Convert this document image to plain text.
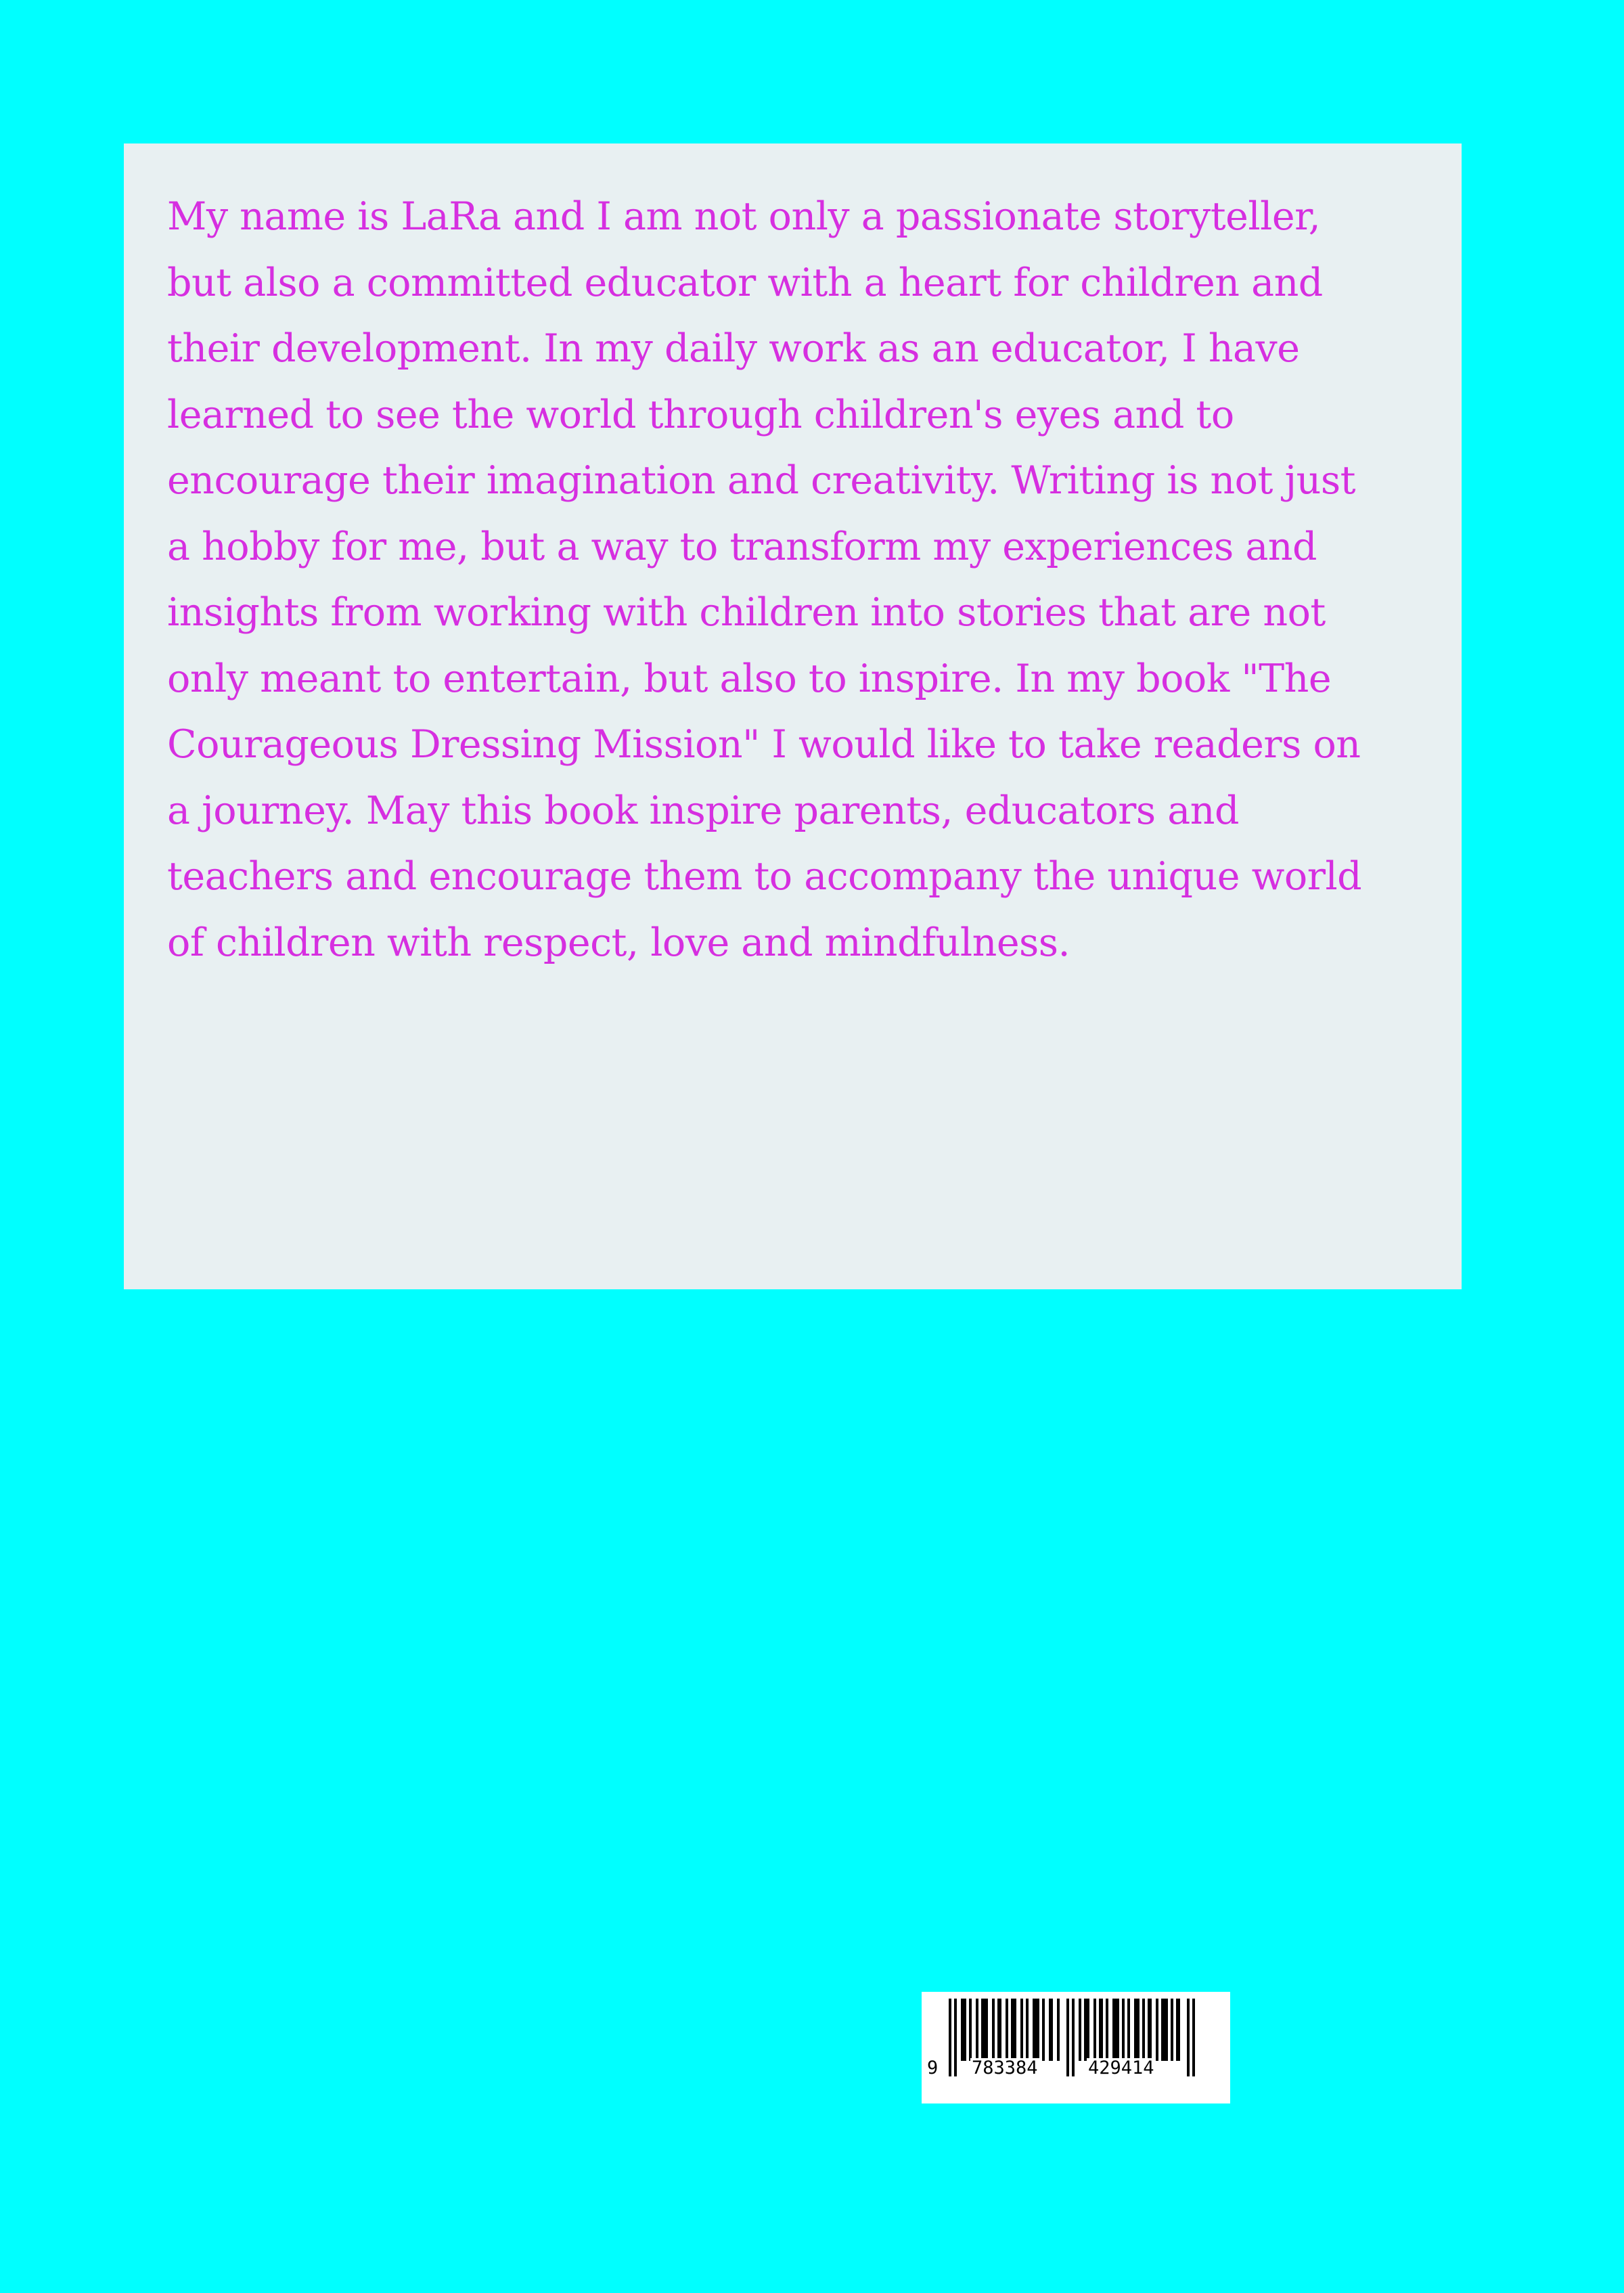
My name is LaRa and I am not only a passionate storyteller,
but also a committed educator with a heart for children and
their development. In my daily work as an educator, I have
learned to see the world through children's eyes and to
encourage their imagination and creativity. Writing is not just
a hobby for me, but a way to transform my experiences and
insights from working with children into stories that are not
only meant to entertain, but also to inspire. In my book "The
Courageous Dressing Mission" I would like to take readers on
a journey. May this book inspire parents, educators and
teachers and encourage them to accompany the unique world
of children with respect, love and mindfulness.

9 783384	429414
